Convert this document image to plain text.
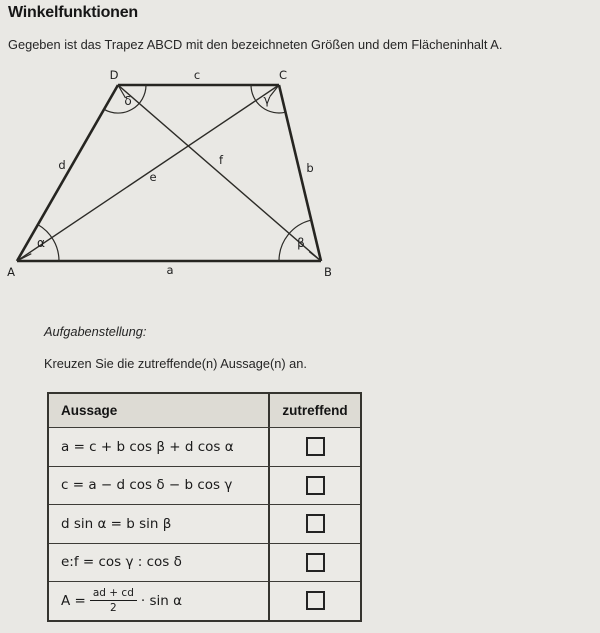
Winkelfunktionen
Gegeben ist das Trapez ABCD mit den bezeichneten Größen und dem Flächeninhalt A.
A	B
C
D
a
b
c
d
e
f
α	β
γ
δ
Aufgabenstellung:
Kreuzen Sie die zutreffende(n) Aussage(n) an.
Aussage	zutreffend
a = c + b cos β + d cos α
c = a − d cos δ − b cos γ
d sin α = b sin β
e:f = cos γ : cos δ
$A = \frac{ad + cd}{2} \cdot \sin \alpha$
